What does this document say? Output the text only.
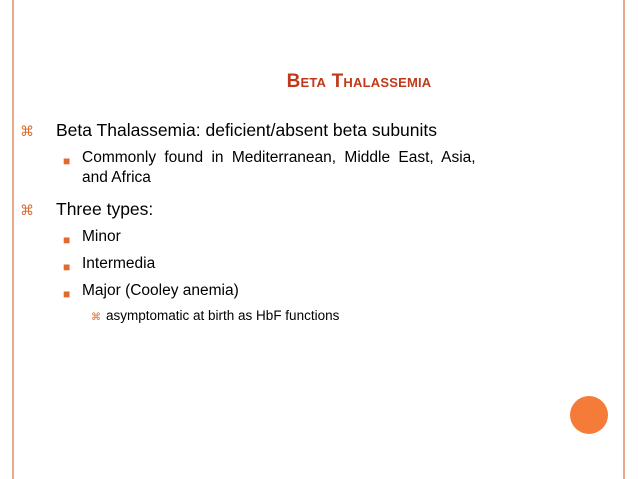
Beta Thalassemia
⌘ Beta Thalassemia: deficient/absent beta subunits
■ Commonly found in Mediterranean, Middle East, Asia,
and Africa
⌘ Three types:
■ Minor
■ Intermedia
■ Major (Cooley anemia)
⌘ asymptomatic at birth as HbF functions
